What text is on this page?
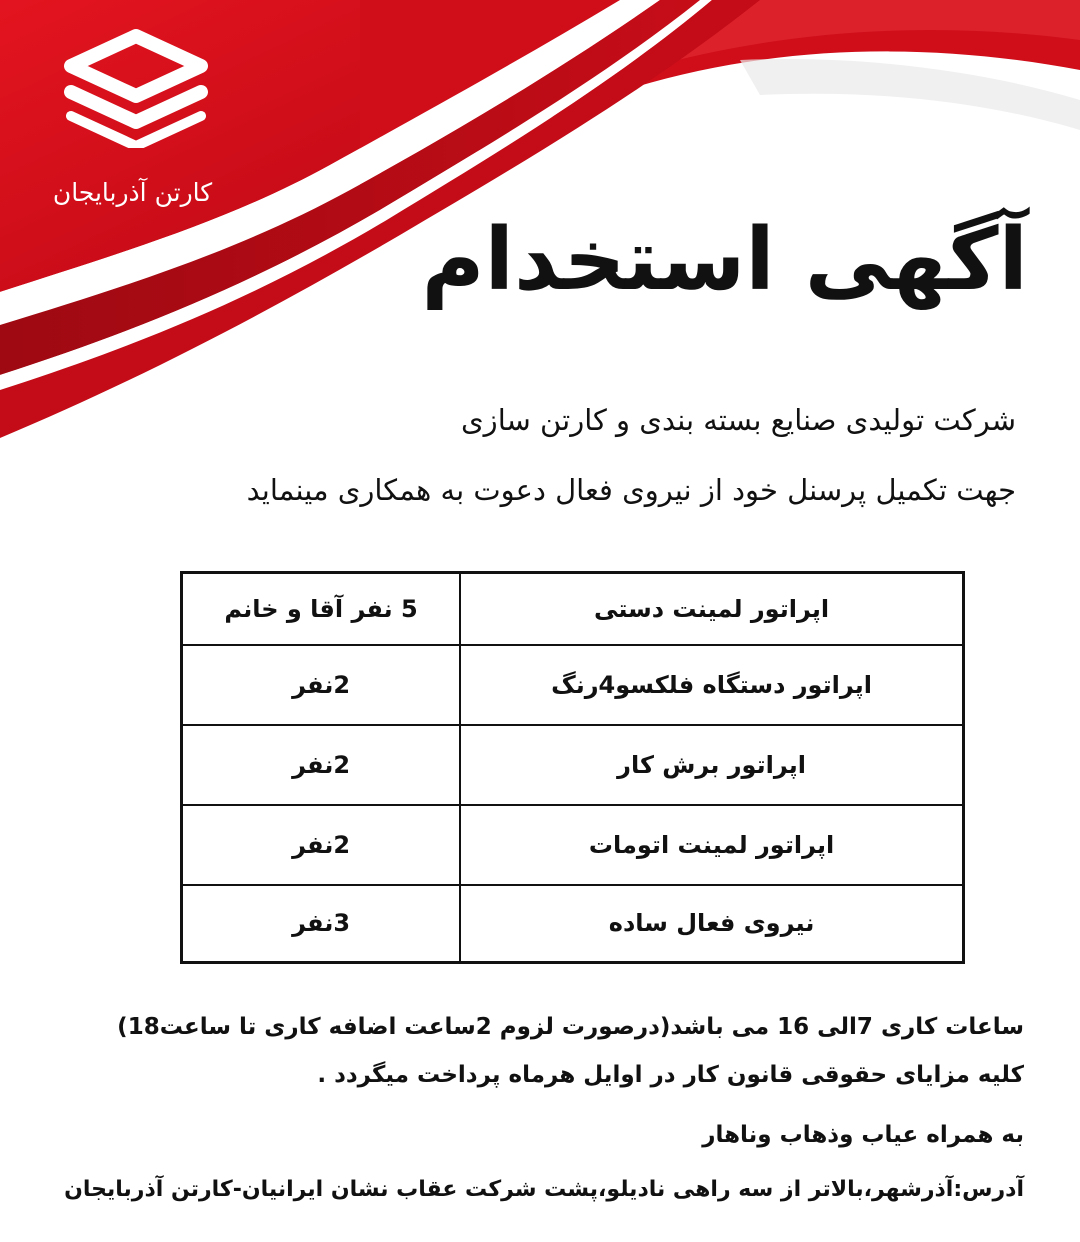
کارتن آذربایجان
آگهی استخدام

شرکت تولیدی صنایع بسته بندی و کارتن سازی

جهت تکمیل پرسنل خود از نیروی فعال دعوت به همکاری مینماید

اپراتور لمینت دستی	5 نفر آقا و خانم
اپراتور دستگاه فلکسو4رنگ	2نفر
اپراتور برش کار	2نفر
اپراتور لمینت اتومات	2نفر
نیروی فعال ساده	3نفر

ساعات کاری 7الی 16 می باشد(درصورت لزوم 2ساعت اضافه کاری تا ساعت18)

کلیه مزایای حقوقی قانون کار در اوایل هرماه پرداخت میگردد .

به همراه عیاب وذهاب وناهار

آدرس:آذرشهر،بالاتر از سه راهی نادیلو،پشت شرکت عقاب نشان ایرانیان-کارتن آذربایجان
